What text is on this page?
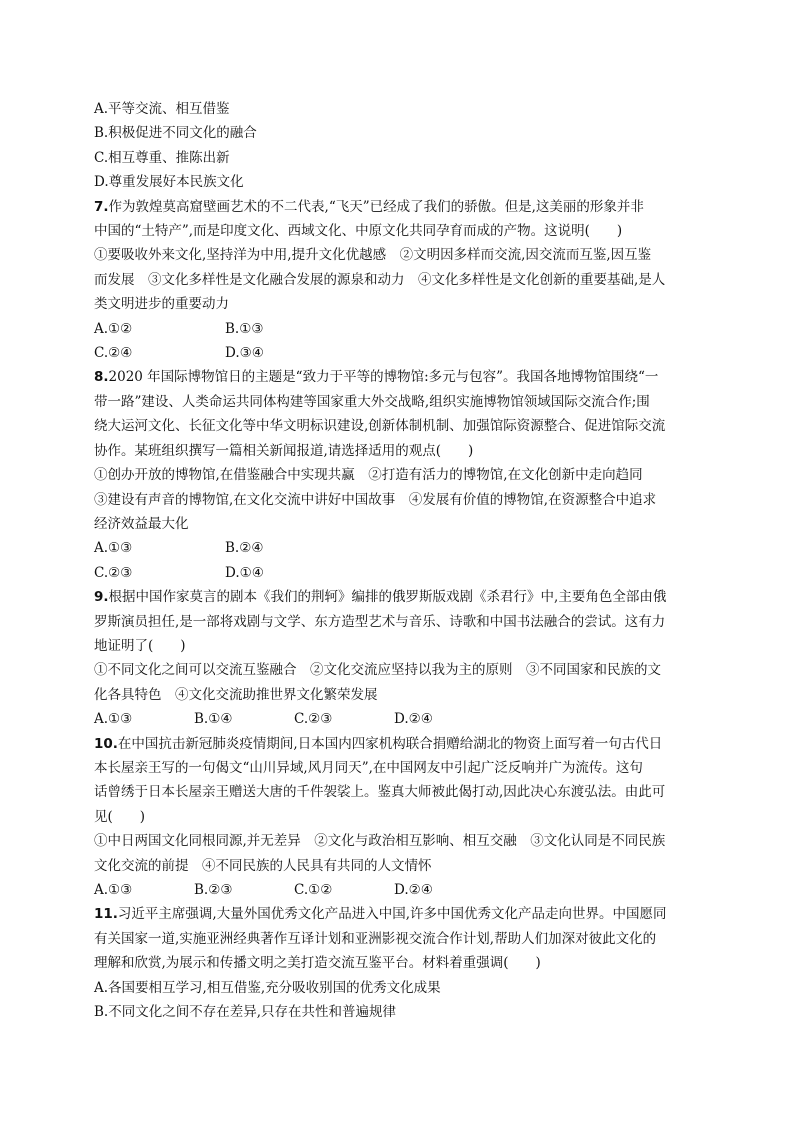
A.平等交流、相互借鉴
B.积极促进不同文化的融合
C.相互尊重、推陈出新
D.尊重发展好本民族文化
7.作为敦煌莫高窟壁画艺术的不二代表,“飞天”已经成了我们的骄傲。但是,这美丽的形象并非
中国的“土特产”,而是印度文化、西域文化、中原文化共同孕育而成的产物。这说明(　　)
①要吸收外来文化,坚持洋为中用,提升文化优越感　②文明因多样而交流,因交流而互鉴,因互鉴
而发展　③文化多样性是文化融合发展的源泉和动力　④文化多样性是文化创新的重要基础,是人
类文明进步的重要动力
A.①②	B.①③
C.②④	D.③④
8.2020 年国际博物馆日的主题是“致力于平等的博物馆:多元与包容”。我国各地博物馆围绕“一
带一路”建设、人类命运共同体构建等国家重大外交战略,组织实施博物馆领域国际交流合作;围
绕大运河文化、长征文化等中华文明标识建设,创新体制机制、加强馆际资源整合、促进馆际交流
协作。某班组织撰写一篇相关新闻报道,请选择适用的观点(　　)
①创办开放的博物馆,在借鉴融合中实现共赢　②打造有活力的博物馆,在文化创新中走向趋同
③建设有声音的博物馆,在文化交流中讲好中国故事　④发展有价值的博物馆,在资源整合中追求
经济效益最大化
A.①③	B.②④
C.②③	D.①④
9.根据中国作家莫言的剧本《我们的荆轲》编排的俄罗斯版戏剧《杀君行》中,主要角色全部由俄
罗斯演员担任,是一部将戏剧与文学、东方造型艺术与音乐、诗歌和中国书法融合的尝试。这有力
地证明了(　　)
①不同文化之间可以交流互鉴融合　②文化交流应坚持以我为主的原则　③不同国家和民族的文
化各具特色　④文化交流助推世界文化繁荣发展
A.①③	B.①④	C.②③	D.②④
10.在中国抗击新冠肺炎疫情期间,日本国内四家机构联合捐赠给湖北的物资上面写着一句古代日
本长屋亲王写的一句偈文“山川异域,风月同天”,在中国网友中引起广泛反响并广为流传。这句
话曾绣于日本长屋亲王赠送大唐的千件袈裟上。鉴真大师被此偈打动,因此决心东渡弘法。由此可
见(　　)
①中日两国文化同根同源,并无差异　②文化与政治相互影响、相互交融　③文化认同是不同民族
文化交流的前提　④不同民族的人民具有共同的人文情怀
A.①③	B.②③	C.①②	D.②④
11.习近平主席强调,大量外国优秀文化产品进入中国,许多中国优秀文化产品走向世界。中国愿同
有关国家一道,实施亚洲经典著作互译计划和亚洲影视交流合作计划,帮助人们加深对彼此文化的
理解和欣赏,为展示和传播文明之美打造交流互鉴平台。材料着重强调(　　)
A.各国要相互学习,相互借鉴,充分吸收别国的优秀文化成果
B.不同文化之间不存在差异,只存在共性和普遍规律
